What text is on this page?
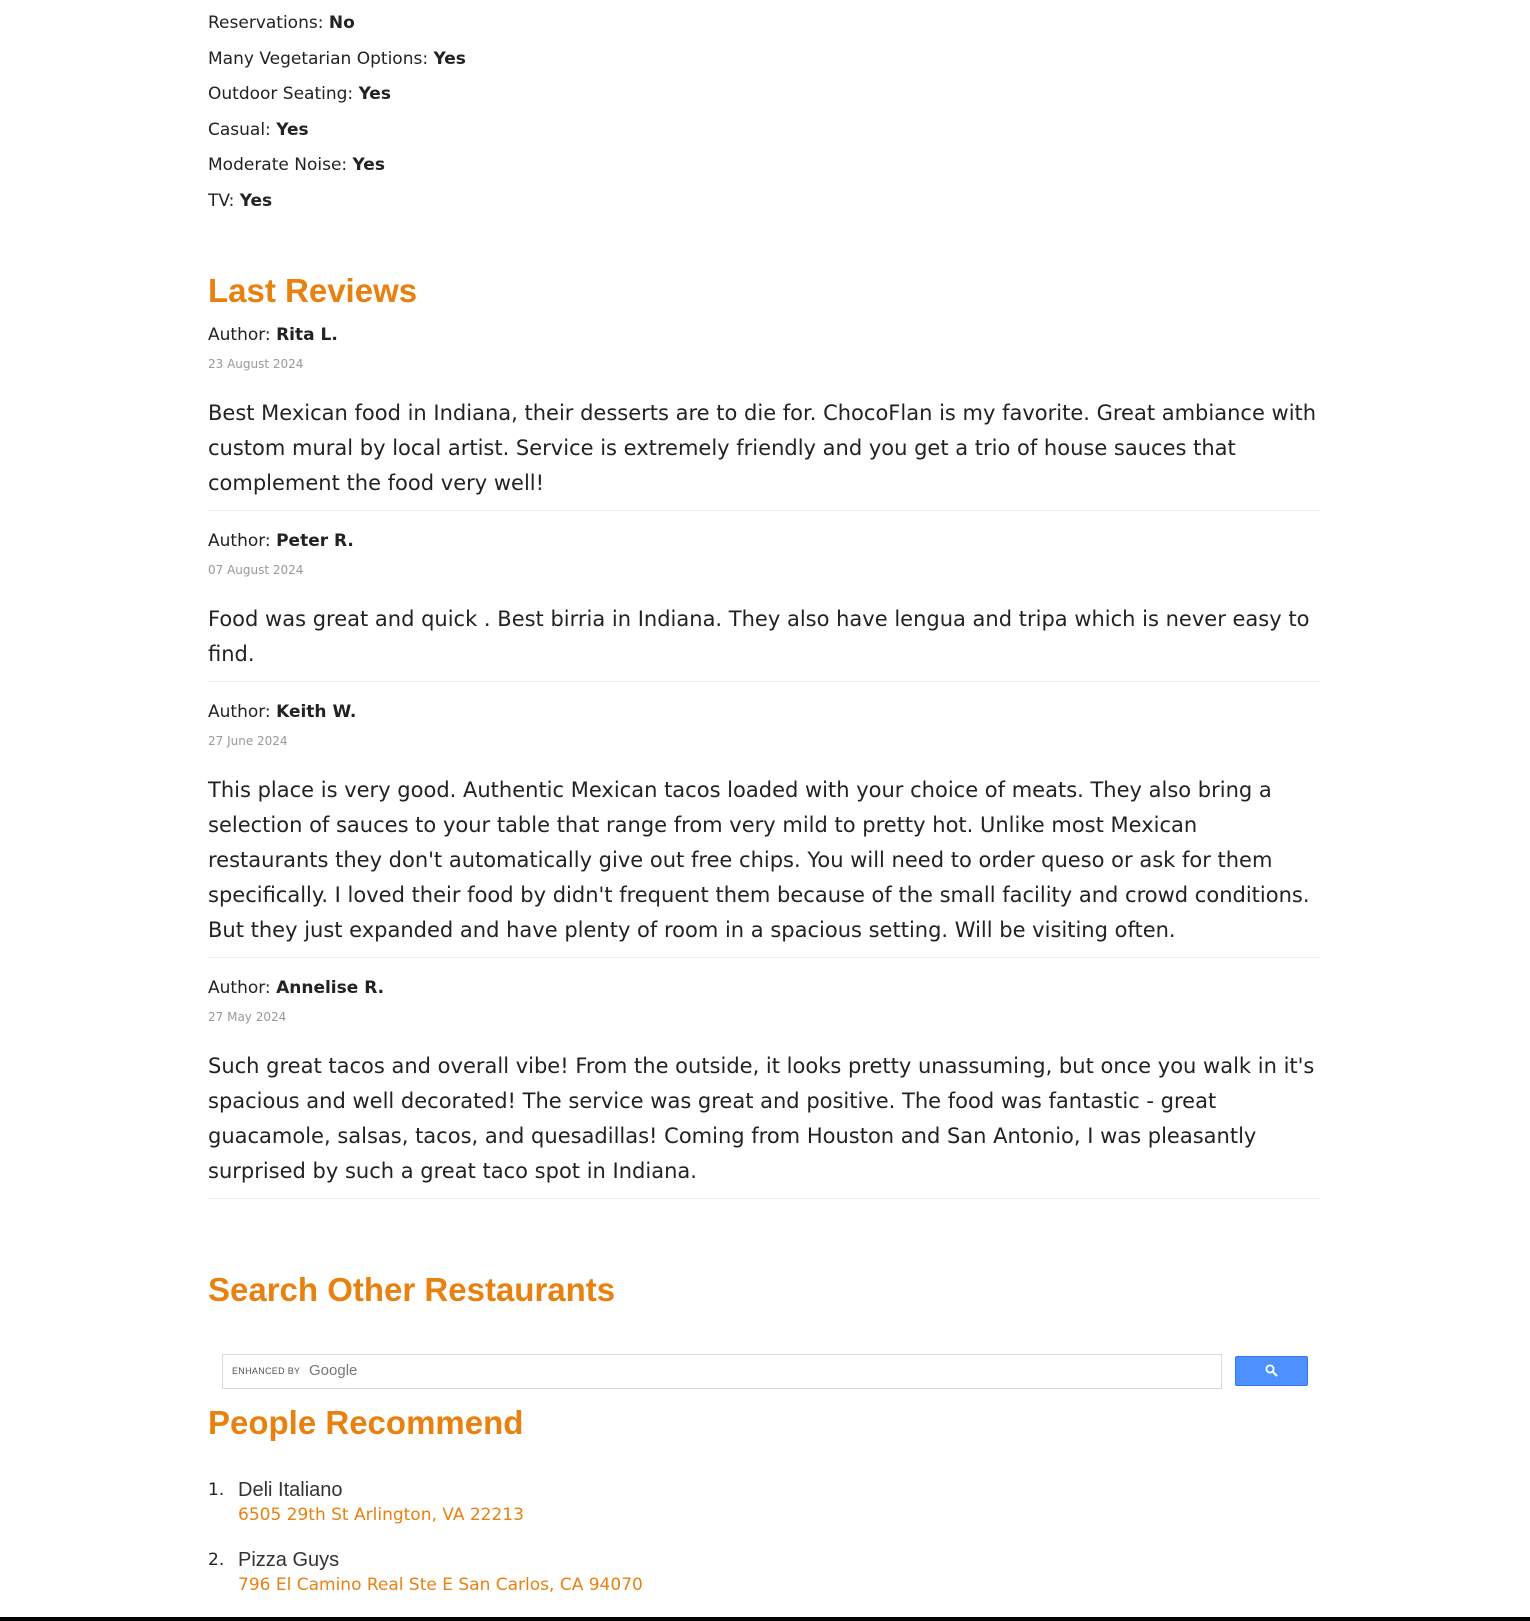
Reservations: No
Many Vegetarian Options: Yes
Outdoor Seating: Yes
Casual: Yes
Moderate Noise: Yes
TV: Yes
Last Reviews
Author: Rita L.
23 August 2024

Best Mexican food in Indiana, their desserts are to die for. ChocoFlan is my favorite. Great ambiance with custom mural by local artist. Service is extremely friendly and you get a trio of house sauces that complement the food very well!

Author: Peter R.
07 August 2024

Food was great and quick . Best birria in Indiana. They also have lengua and tripa which is never easy to find.

Author: Keith W.
27 June 2024

This place is very good. Authentic Mexican tacos loaded with your choice of meats. They also bring a selection of sauces to your table that range from very mild to pretty hot. Unlike most Mexican restaurants they don't automatically give out free chips. You will need to order queso or ask for them specifically. I loved their food by didn't frequent them because of the small facility and crowd conditions. But they just expanded and have plenty of room in a spacious setting. Will be visiting often.

Author: Annelise R.
27 May 2024

Such great tacos and overall vibe! From the outside, it looks pretty unassuming, but once you walk in it's spacious and well decorated! The service was great and positive. The food was fantastic - great guacamole, salsas, tacos, and quesadillas! Coming from Houston and San Antonio, I was pleasantly surprised by such a great taco spot in Indiana.

Search Other Restaurants
People Recommend
1. Deli Italiano
6505 29th St Arlington, VA 22213
2. Pizza Guys
796 El Camino Real Ste E San Carlos, CA 94070
ENHANCED BY Google
